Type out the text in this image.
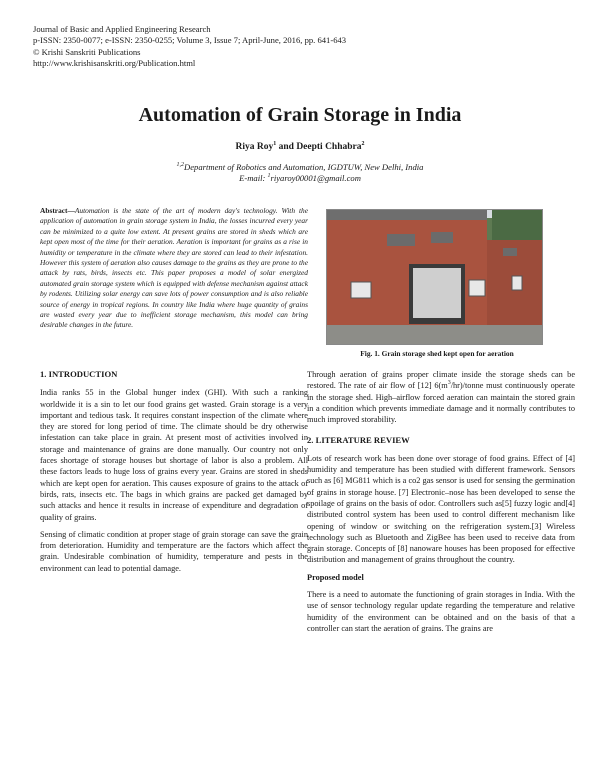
Journal of Basic and Applied Engineering Research
p-ISSN: 2350-0077; e-ISSN: 2350-0255; Volume 3, Issue 7; April-June, 2016, pp. 641-643
© Krishi Sanskriti Publications
http://www.krishisanskriti.org/Publication.html
Automation of Grain Storage in India
Riya Roy$^1$ and Deepti Chhabra$^2$
$^{1,2}$Department of Robotics and Automation, IGDTUW, New Delhi, India
E-mail: $^1$riyaroy00001@gmail.com
Abstract—Automation is the state of the art of modern day's technology. With the application of automation in grain storage system in India, the losses incurred every year can be minimized to a quite low extent. At present grains are stored in sheds which are kept open most of the time for their aeration. Aeration is important for grains as a rise in humidity or temperature in the climate where they are stored can lead to their infestation. However this system of aeration also causes damage to the grains as they are prone to the attack by rats, birds, insects etc. This paper proposes a model of solar energized automated grain storage system which is equipped with defense mechanism against attack by rodents. Utilizing solar energy can save lots of power consumption and is also reliable source of energy in tropical regions. In country like India where huge quantity of grains are wasted every year due to inefficient storage mechanism, this model can bring desirable changes in the future.
Fig. 1. Grain storage shed kept open for aeration

1. INTRODUCTION

India ranks 55 in the Global hunger index (GHI). With such a ranking worldwide it is a sin to let our food grains get wasted. Grain storage is a very important and tedious task. It requires constant inspection of the climate where they are stored for long period of time. The climate should be dry otherwise infestation can take place in grain. At present most of activities involved in storage and maintenance of grains are done manually. Our country not only faces shortage of storage houses but shortage of labor is also a problem. All these factors leads to huge loss of grains every year. Grains are stored in sheds which are kept open for aeration. This causes exposure of grains to the attack of birds, rats, insects etc. The bags in which grains are packed get damaged by such attacks and hence it results in increase of expenditure and degradation of quality of grains.

Sensing of climatic condition at proper stage of grain storage can save the grain from deterioration. Humidity and temperature are the factors which affect the grain. Undesirable combination of humidity, temperature and pests in the environment can lead to potential damage.

Through aeration of grains proper climate inside the storage sheds can be restored. The rate of air flow of [12] $6(m^3/hr)$/tonne must continuously operate in the storage shed. High–airflow forced aeration can maintain the stored grain in a condition which prevents immediate damage and it normally contributes to much improved storability.

2. LITERATURE REVIEW

Lots of research work has been done over storage of food grains. Effect of [4] humidity and temperature has been studied with different framework. Sensors such as [6] MG811 which is a co2 gas sensor is used for sensing the germination of grains in storage house. [7] Electronic–nose has been developed to sense the spoilage of grains on the basis of odor. Controllers such as[5] fuzzy logic and[4] distributed control system has been used to control different mechanism like opening of window or switching on the refrigeration system.[3] Wireless technology such as Bluetooth and ZigBee has been used to receive data from grain storage. Concepts of [8] nanoware houses has been proposed for effective distribution and management of grains throughout the country.

Proposed model

There is a need to automate the functioning of grain storages in India. With the use of sensor technology regular update regarding the temperature and relative humidity of the environment can be obtained and on the basis of that a controller can start the aeration of grains. The grains are
